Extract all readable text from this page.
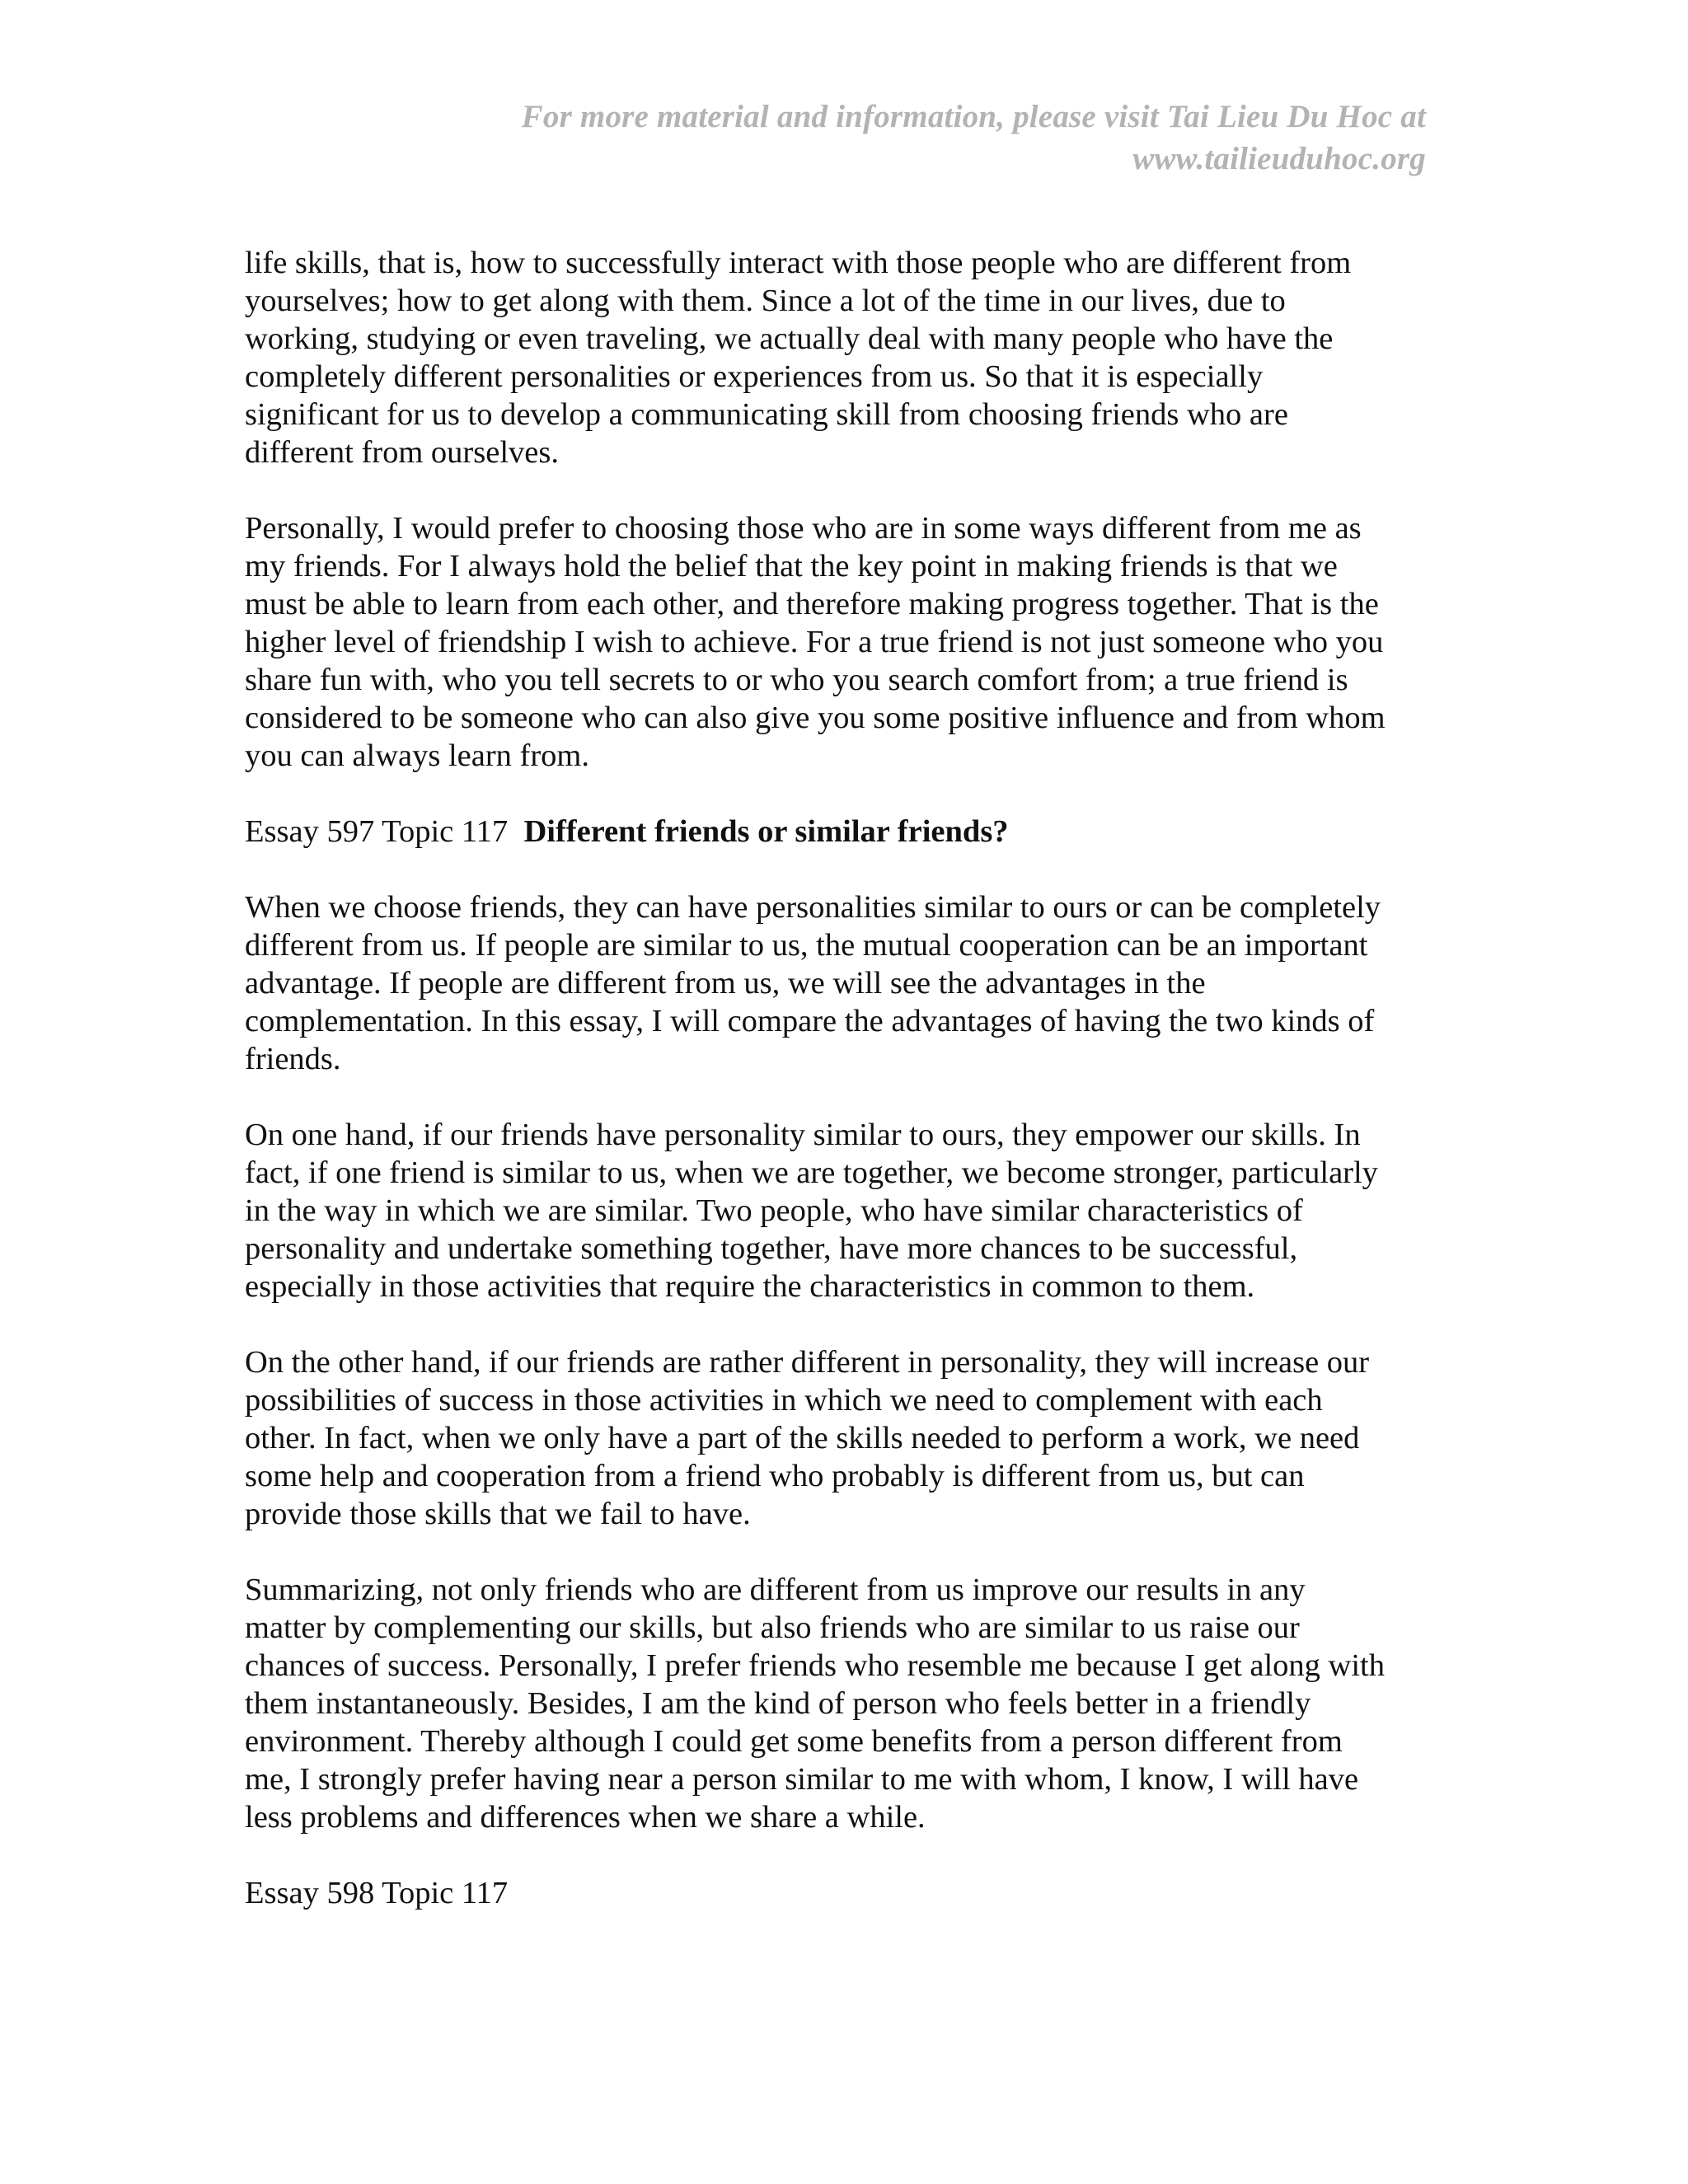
For more material and information, please visit Tai Lieu Du Hoc at
www.tailieuduhoc.org

life skills, that is, how to successfully interact with those people who are different from
yourselves; how to get along with them. Since a lot of the time in our lives, due to
working, studying or even traveling, we actually deal with many people who have the
completely different personalities or experiences from us. So that it is especially
significant for us to develop a communicating skill from choosing friends who are
different from ourselves.

Personally, I would prefer to choosing those who are in some ways different from me as
my friends. For I always hold the belief that the key point in making friends is that we
must be able to learn from each other, and therefore making progress together. That is the
higher level of friendship I wish to achieve. For a true friend is not just someone who you
share fun with, who you tell secrets to or who you search comfort from; a true friend is
considered to be someone who can also give you some positive influence and from whom
you can always learn from.

Essay 597 Topic 117 Different friends or similar friends?

When we choose friends, they can have personalities similar to ours or can be completely
different from us. If people are similar to us, the mutual cooperation can be an important
advantage. If people are different from us, we will see the advantages in the
complementation. In this essay, I will compare the advantages of having the two kinds of
friends.

On one hand, if our friends have personality similar to ours, they empower our skills. In
fact, if one friend is similar to us, when we are together, we become stronger, particularly
in the way in which we are similar. Two people, who have similar characteristics of
personality and undertake something together, have more chances to be successful,
especially in those activities that require the characteristics in common to them.

On the other hand, if our friends are rather different in personality, they will increase our
possibilities of success in those activities in which we need to complement with each
other. In fact, when we only have a part of the skills needed to perform a work, we need
some help and cooperation from a friend who probably is different from us, but can
provide those skills that we fail to have.

Summarizing, not only friends who are different from us improve our results in any
matter by complementing our skills, but also friends who are similar to us raise our
chances of success. Personally, I prefer friends who resemble me because I get along with
them instantaneously. Besides, I am the kind of person who feels better in a friendly
environment. Thereby although I could get some benefits from a person different from
me, I strongly prefer having near a person similar to me with whom, I know, I will have
less problems and differences when we share a while.

Essay 598 Topic 117
